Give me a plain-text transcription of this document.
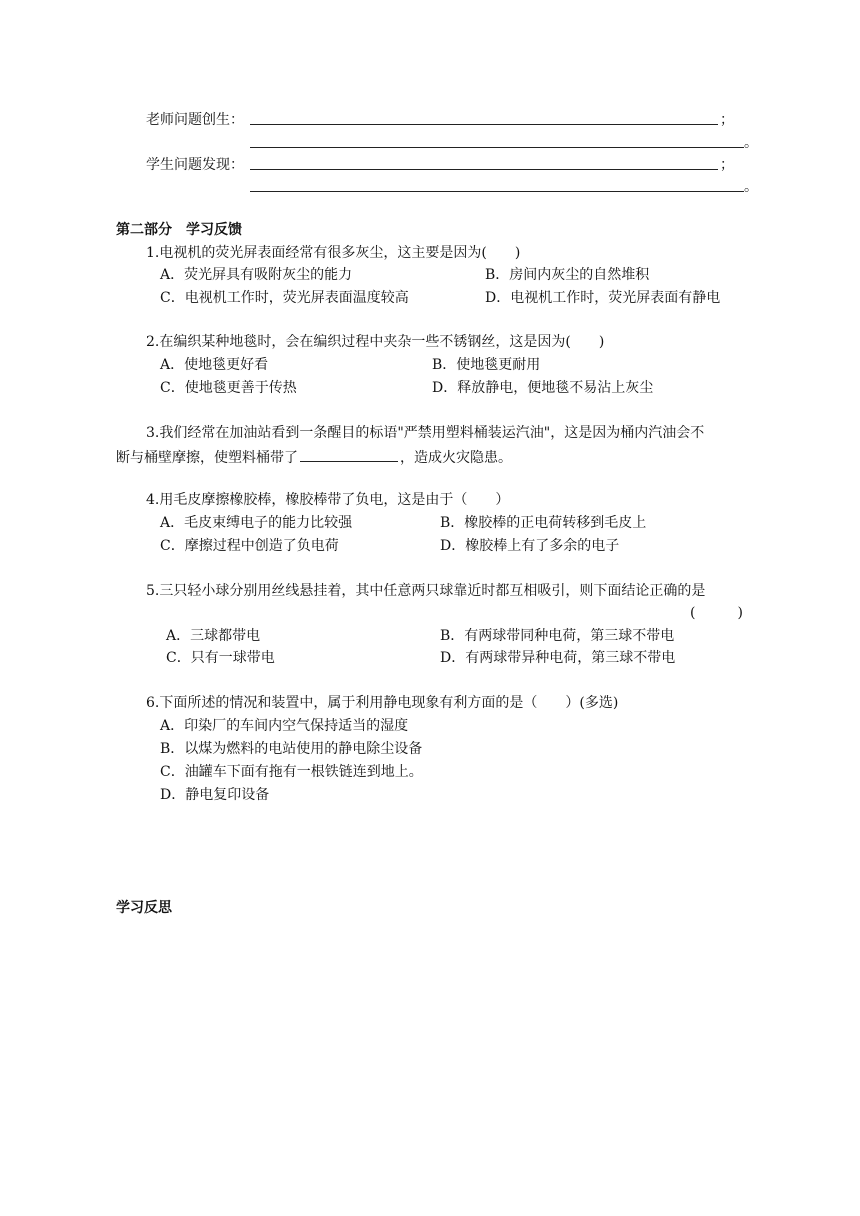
老师问题创生：	；
。
学生问题发现：	；
。
第二部分　学习反馈
1.电视机的荧光屏表面经常有很多灰尘，这主要是因为(　　)
A．荧光屏具有吸附灰尘的能力	B．房间内灰尘的自然堆积
C．电视机工作时，荧光屏表面温度较高	D．电视机工作时，荧光屏表面有静电
2.在编织某种地毯时，会在编织过程中夹杂一些不锈钢丝，这是因为(　　)
A．使地毯更好看	B．使地毯更耐用
C．使地毯更善于传热	D．释放静电，便地毯不易沾上灰尘
3.我们经常在加油站看到一条醒目的标语"严禁用塑料桶装运汽油"，这是因为桶内汽油会不
断与桶壁摩擦，使塑料桶带了	，造成火灾隐患。
4.用毛皮摩擦橡胶棒，橡胶棒带了负电，这是由于（　　）
A．毛皮束缚电子的能力比较强	B．橡胶棒的正电荷转移到毛皮上
C．摩擦过程中创造了负电荷	D．橡胶棒上有了多余的电子
5.三只轻小球分别用丝线悬挂着，其中任意两只球靠近时都互相吸引，则下面结论正确的是
(　　　)
A．三球都带电	B．有两球带同种电荷，第三球不带电
C．只有一球带电	D．有两球带异种电荷，第三球不带电
6.下面所述的情况和装置中，属于利用静电现象有利方面的是（　　）(多选)
A．印染厂的车间内空气保持适当的湿度
B．以煤为燃料的电站使用的静电除尘设备
C．油罐车下面有拖有一根铁链连到地上。
D．静电复印设备
学习反思
